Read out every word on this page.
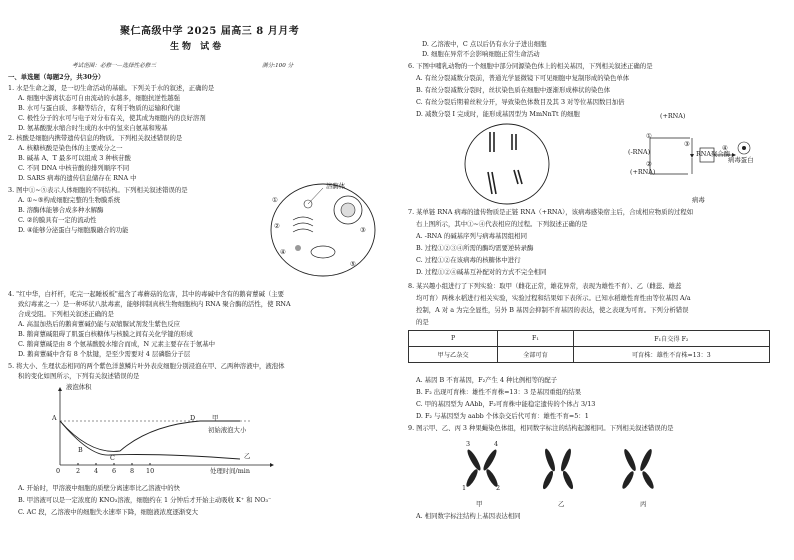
聚仁高级中学 2025 届高三 8 月月考
生物 试卷
考试范围：必修一—选择性必修三	满分:100 分
一、单选题（每题2分，共30分）
1. 水是生命之源，是一切生命活动的基础。下列关于水的叙述，正确的是
A. 细胞中游离状态可自由流动的水越多，细胞抗逆性越强
B. 水可与蛋白质、多糖等结合，有利于物质的运输和代谢
C. 极性分子的水可与电子对分布有关，使其成为细胞内的良好溶剂
D. 氨基酸脱水缩合时生成的水中的氢来自氨基和羧基
2. 核酸是细胞内携带遗传信息的物质。下列相关叙述错误的是
A. 核糖核酸是染色体的主要成分之一
B. 碱基 A、T 最多可以组成 3 种核苷酸
C. 不同 DNA 中核苷酸的排列顺序不同
D. SARS 病毒的遗传信息储存在 RNA 中
3. 图中①~⑤表示人体细胞的不同结构。下列相关叙述错误的是
A. ①~⑤构成细胞完整的生物膜系统
B. 溶酶体能够合成多种水解酶
C. ②的膜具有一定的流动性
D. ④能够分泌蛋白与细胞膜融合的功能
溶酶体
①
②	③
④
⑤
4. "红中华，白杆杆，吃完一起睡板板"蕴含了毒蘑菇的危害，其中的毒碱中含有的鹅膏蕈碱（主要
致幻毒素之一）是一种环状八肽毒素，能够抑制真核生物细胞核内 RNA 聚合酶的活性，使 RNA
合成受阻。下列相关叙述正确的是
A. 高温加热后的鹅膏蕈碱仍能与双缩脲试剂发生紫色反应
B. 鹅膏蕈碱阻碍了肌蛋白核糖体与核膜之间有关化学键的形成
C. 鹅膏蕈碱是由 8 个氨基酸脱水缩合而成，N 元素主要存在于氨基中
D. 鹅膏蕈碱中含有 8 个肽键，是至少需要对 4 层磷脂分子层
5. 将大小、生理状态相同的两个紫色洋葱鳞片叶外表皮细胞分别浸泡在甲、乙两种溶液中，液泡体
积的变化如图所示，下列有关叙述错误的是
液泡体积
处理时间/min
甲
乙
初始液泡大小
A
B
C
D
0 2 4 6 8 10
A. 开始时，甲溶液中细胞的质壁分离速率比乙溶液中的快
B. 甲溶液可以是一定浓度的 KNO₃溶液，细胞约在 1 分钟后才开始主动吸收 K⁺ 和 NO₃⁻
C. AC 段，乙溶液中的细胞失水速率下降，细胞液浓度逐渐变大
D. 乙溶液中，C 点以后仍有水分子进出细胞
D. 细胞在异常不会影响细胞正常生命活动
6. 下图中哺乳动物的一个细胞中部分同源染色体上的相关基因，下列相关叙述正确的是
A. 有丝分裂减数分裂前，普通光学显微镜下可见细胞中复制形成的染色单体
B. 有丝分裂减数分裂时，丝状染色质在细胞中逐渐形成棒状的染色体
C. 有丝分裂后期着丝粒分开，导致染色体数目及其 3 对等位基因数目加倍
D. 减数分裂 I 完成时，能形成基因型为 MmNnTt 的细胞	(+RNA)
(-RNA)
(+RNA)
RNA聚合酶
病毒蛋白
病毒
①
②
③	④
7. 某单链 RNA 病毒的遗传物质是正链 RNA（+RNA），该病毒感染宿主后，合成相应物质的过程如
右上图所示，其中①~④代表相应的过程。下列叙述正确的是
A. -RNA 的碱基序列与病毒基因组相同
B. 过程①②③④所需的酶均需要逆转录酶
C. 过程①②在该病毒的核糖体中进行
D. 过程①②④碱基互补配对的方式不完全相同
8. 某兴趣小组进行了下列实验：取甲（雌花正常，雄花异常，表现为雄性不育）、乙（雌蕊、雄蕊
均可育）两株水稻进行相关实验，实验过程和结果如下表所示。已知水稻雄性育性由等位基因 A/a
控制，A 对 a 为完全显性，另外 B 基因会抑制不育基因的表达，使之表现为可育。下列分析错误
的是
P	F₁	F₁自交得 F₂
甲与乙杂交	全部可育	可育株：雄性不育株=13：3
A. 基因 B 不育基因，F₂产生 4 种比例相等的配子
B. F₂ 出现可育株：雄性不育株=13：3 是基因重组的结果
C. 甲的基因型为 AAbb，F₂可育株中能稳定遗传的个体占 3/13
D. F₂ 与基因型为 aabb 个体杂交后代可育：雄性不育=5：1
9. 图示甲、乙、丙 3 种果蝇染色体组，相同数字标注的结构起源相同。下列相关叙述错误的是
甲	乙	丙
3	4
1	2
A. 相同数字标注结构上基因表达相同
